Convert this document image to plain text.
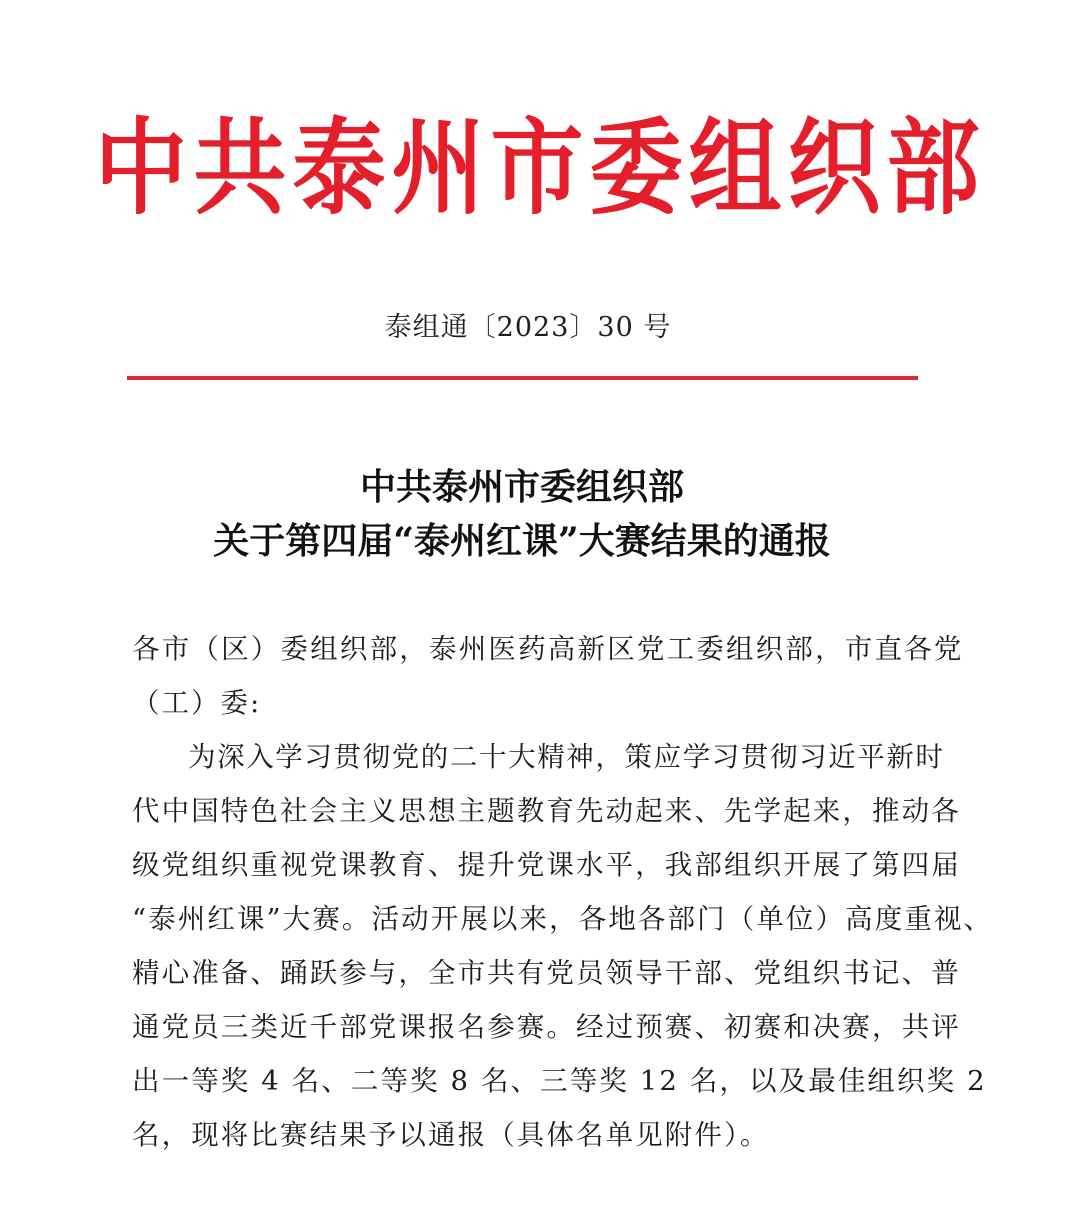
中共泰州市委组织部
泰组通〔2023〕30 号
中共泰州市委组织部
关于第四届“泰州红课”大赛结果的通报
各市（区）委组织部，泰州医药高新区党工委组织部，市直各党
（工）委:
为深入学习贯彻党的二十大精神，策应学习贯彻习近平新时
代中国特色社会主义思想主题教育先动起来、先学起来，推动各
级党组织重视党课教育、提升党课水平，我部组织开展了第四届
“泰州红课”大赛。活动开展以来，各地各部门（单位）高度重视、
精心准备、踊跃参与，全市共有党员领导干部、党组织书记、普
通党员三类近千部党课报名参赛。经过预赛、初赛和决赛，共评
出一等奖 4 名、二等奖 8 名、三等奖 12 名，以及最佳组织奖 2
名，现将比赛结果予以通报（具体名单见附件）。
